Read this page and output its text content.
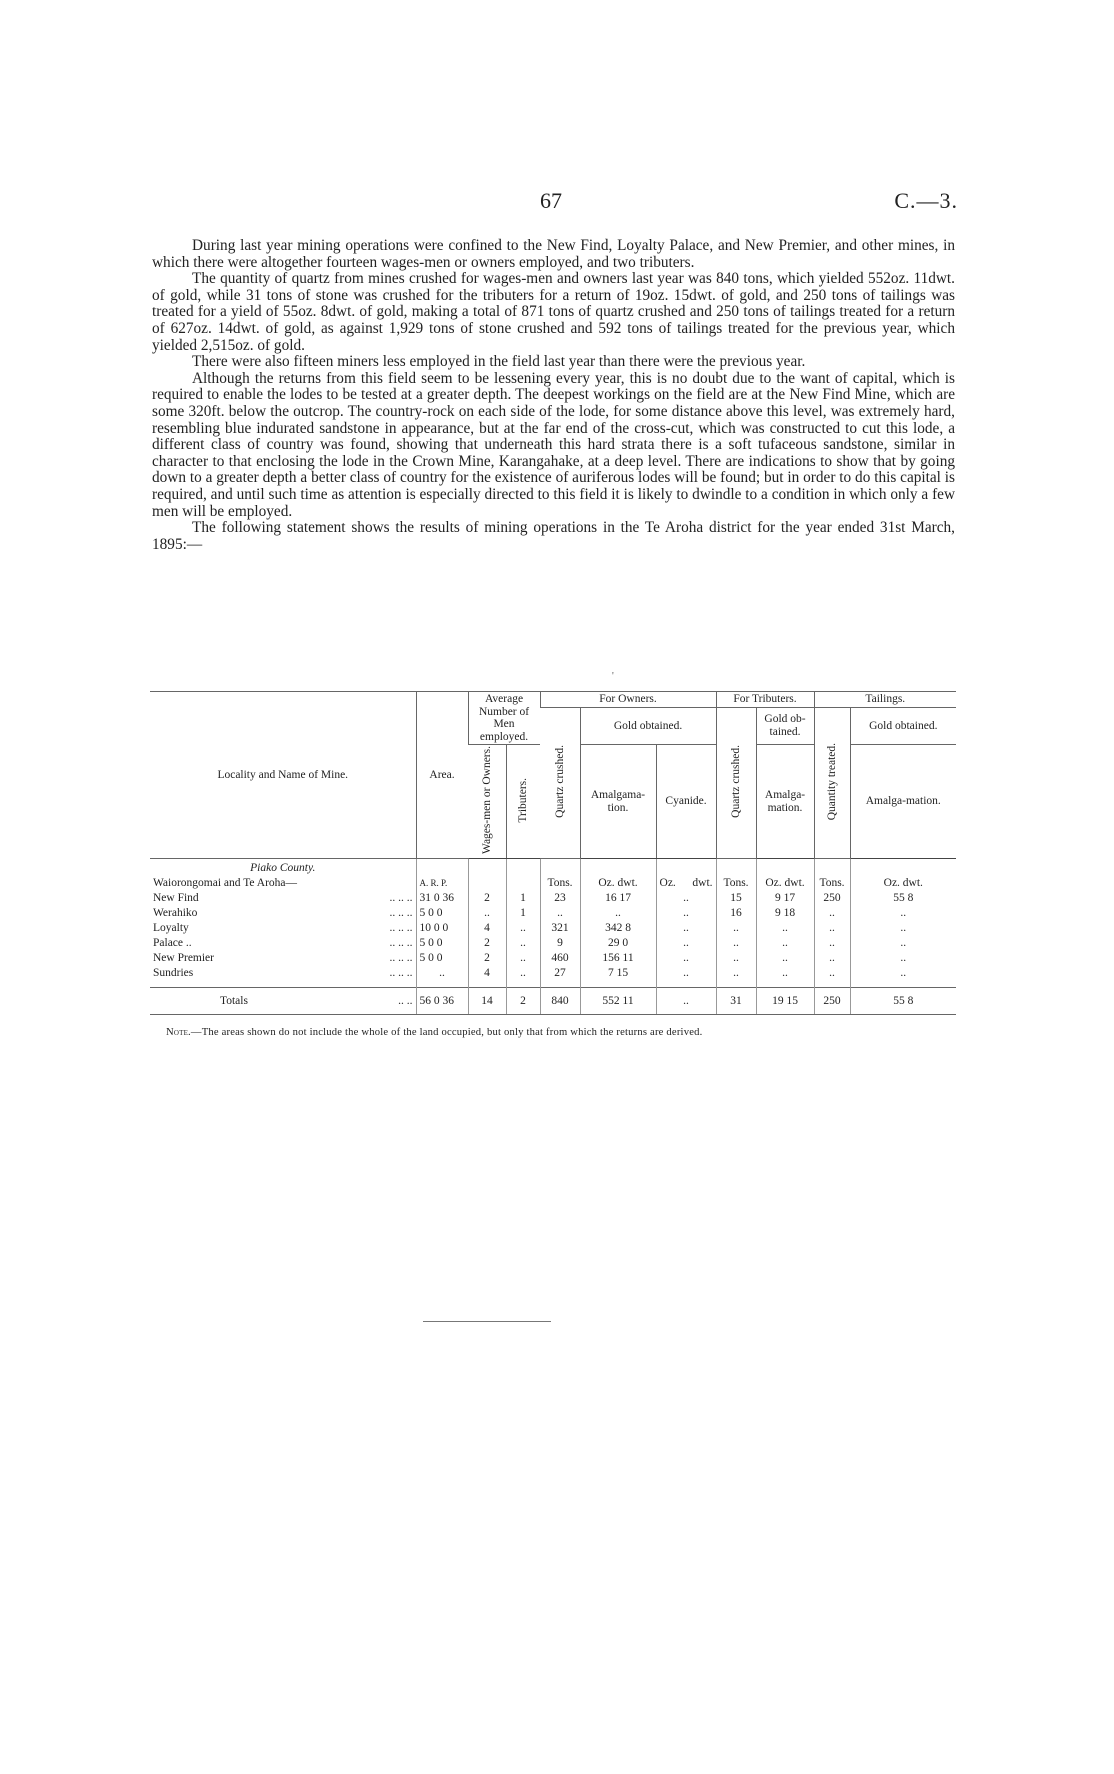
67	C.—3.

During last year mining operations were confined to the New Find, Loyalty Palace, and New Premier, and other mines, in which there were altogether fourteen wages-men or owners employed, and two tributers.

The quantity of quartz from mines crushed for wages-men and owners last year was 840 tons, which yielded 552oz. 11dwt. of gold, while 31 tons of stone was crushed for the tributers for a return of 19oz. 15dwt. of gold, and 250 tons of tailings was treated for a yield of 55oz. 8dwt. of gold, making a total of 871 tons of quartz crushed and 250 tons of tailings treated for a return of 627oz. 14dwt. of gold, as against 1,929 tons of stone crushed and 592 tons of tailings treated for the previous year, which yielded 2,515oz. of gold.

There were also fifteen miners less employed in the field last year than there were the previous year.

Although the returns from this field seem to be lessening every year, this is no doubt due to the want of capital, which is required to enable the lodes to be tested at a greater depth. The deepest workings on the field are at the New Find Mine, which are some 320ft. below the outcrop. The country-rock on each side of the lode, for some distance above this level, was extremely hard, resembling blue indurated sandstone in appearance, but at the far end of the cross-cut, which was constructed to cut this lode, a different class of country was found, showing that underneath this hard strata there is a soft tufaceous sandstone, similar in character to that enclosing the lode in the Crown Mine, Karangahake, at a deep level. There are indications to show that by going down to a greater depth a better class of country for the existence of auriferous lodes will be found; but in order to do this capital is required, and until such time as attention is especially directed to this field it is likely to dwindle to a condition in which only a few men will be employed.

The following statement shows the results of mining operations in the Te Aroha district for the year ended 31st March, 1895:—

'
Locality and Name of Mine.	Area.	Average Number of Men employed.		For Owners.			For Tributers.		Tailings.	
				Quartz crushed.	Gold obtained.		Quartz crushed.	Gold ob-tained.	Quantity treated.	Gold obtained.
		Wages-men or Owners.	Tributers.		Amalgama-tion.	Cyanide.		Amalga-mation.		Amalga-mation.
Piako County.										
Waiorongomai and Te Aroha—	A. R. P.			Tons.	Oz. dwt.	Oz. dwt.	Tons.	Oz. dwt.	Tons.	Oz. dwt.
New Find .. .. ..	31 0 36	2	1	23	16 17	..	15	9 17	250	55 8
Werahiko .. .. ..	5 0 0	..	1	..	..	..	16	9 18	..	..
Loyalty .. .. ..	10 0 0	4	..	321	342 8	..	..	..	..	..
Palace .. .. .. ..	5 0 0	2	..	9	29 0	..	..	..	..	..
New Premier .. .. ..	5 0 0	2	..	460	156 11	..	..	..	..	..
Sundries .. .. ..	..	4	..	27	7 15	..	..	..	..	..

Totals .. ..	56 0 36	14	2	840	552 11	..	31	19 15	250	55 8
Note.—The areas shown do not include the whole of the land occupied, but only that from which the returns are derived.
